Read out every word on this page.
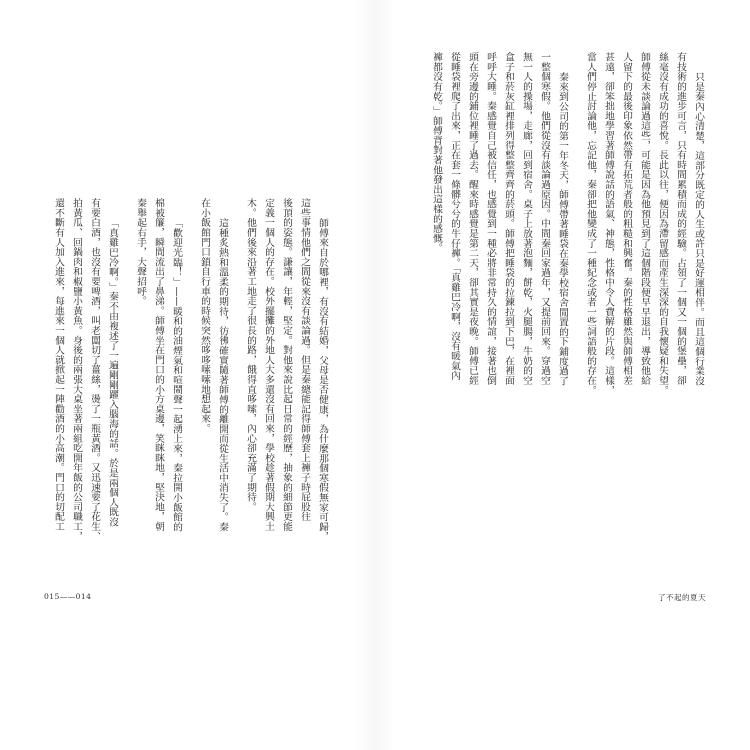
只是秦內心清楚，這部分既定的人生或許只是好運相伴。而且這個行業沒
有技術的進步可言，只有時間累積而成的經驗。占領了一個又一個的堡壘，卻
絲毫沒有成功的喜悅。長此以往，便因為滯留感而產生深深的自我懷疑和失望。
師傅從未談論過這些，可能是因為他預見到了這個階段便早早退出，導致他給
人留下的最後印象依然帶有拓荒者般的粗糙和興奮。秦的性格雖然與師傅相差
甚遠，卻笨拙地學習著師傅說話的語氣、神態，性格中令人費解的片段。這樣，
當人們停止討論他，忘記他，秦卻把他變成了一種紀念或者一些詞語般的存在。
秦來到公司的第一年冬天，師傅帶著睡袋在秦學校宿舍閒置的下鋪度過了
一整個寒假。他們從沒有談論過原因。中間秦回家過年，又提前回來。穿過空
無一人的操場，走廊，回到宿舍。桌子上放著泡麵，餅乾，火腿腸，牛奶的空
盒子和菸灰缸裡排列得整整齊齊的菸頭。師傅把睡袋的拉鍊拉到下巴，在裡面
呼呼大睡。秦感覺自己被信任，也感覺到一種必將非常持久的情誼，接著也倒
頭在旁邊的鋪位裡睡了過去。醒來時感覺是第二天，卻其實是夜晚。師傅已經
從睡袋裡爬了出來，正在套一條髒兮兮的牛仔褲。「真雞巴冷啊，沒有暖氣內
褲都沒有乾。」師傅背對著他發出這樣的感慨。
了不起的夏天
師傅來自於哪裡，有沒有結婚，父母是否健康，為什麼那個寒假無家可歸，
這些事情他們之間從來沒有談論過。但是秦總能記得師傅套上褲子時屁股往
後頂的姿態。謙讓，年輕，堅定。對他來說比起日常的經歷，抽象的細節更能
定義一個人的存在。校外擺攤的外地人大多還沒有回來，學校趁著假期大興土
木。他們後來沿著工地走了很長的路，餓得直哆嗦，內心卻充滿了期待。
這種炙熱和溫柔的期待，彷彿確實隨著師傅的離開而從生活中消失了。秦
在小飯館門口鎖自行車的時候突然哆哆嗦嗦地想起來。
「歡迎光臨！」——暖和的油煙氣和喧鬧聲一起湧上來，秦拉開小飯館的
棉被簾，瞬間流出了鼻涕。師傅坐在門口的小方桌邊，笑眯眯地，堅決地，朝
秦舉起右手，大聲招呼。
「真雞巴冷啊。」秦不由複述了一遍剛剛躍入腦海的話。於是兩個人既沒
有要白酒，也沒有要啤酒，叫老闆切了薑絲，燙了一瓶黃酒。又迅速要了花生、
拍黃瓜、回鍋肉和椒鹽小黃魚。身後的兩張大桌坐著兩組吃開年飯的公司職工，
還不斷有人加入進來，每進來一個人就掀起一陣勸酒的小高潮。門口的切配工
015——014
